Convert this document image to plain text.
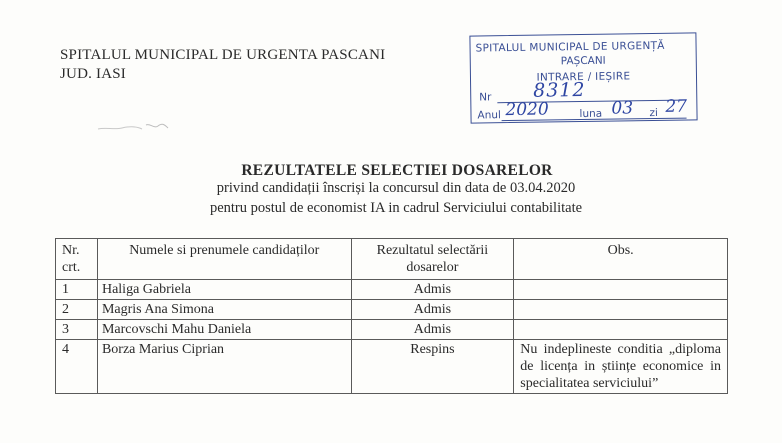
SPITALUL MUNICIPAL DE URGENTA PASCANI
JUD. IASI
SPITALUL MUNICIPAL DE URGENȚĂ
PAȘCANI
INTRARE / IEȘIRE
Nr 8312
Anul 2020	luna 03 zi 27
REZULTATELE SELECTIEI DOSARELOR
privind candidații înscriși la concursul din data de 03.04.2020
pentru postul de economist IA in cadrul Serviciului contabilitate
Nr. crt.	Numele si prenumele candidaților	Rezultatul selectării dosarelor	Obs.
1	Haliga Gabriela	Admis	
2	Magris Ana Simona	Admis	
3	Marcovschi Mahu Daniela	Admis	
4	Borza Marius Ciprian	Respins	Nu indeplineste conditia „diploma de licența in științe economice in specialitatea serviciului”
